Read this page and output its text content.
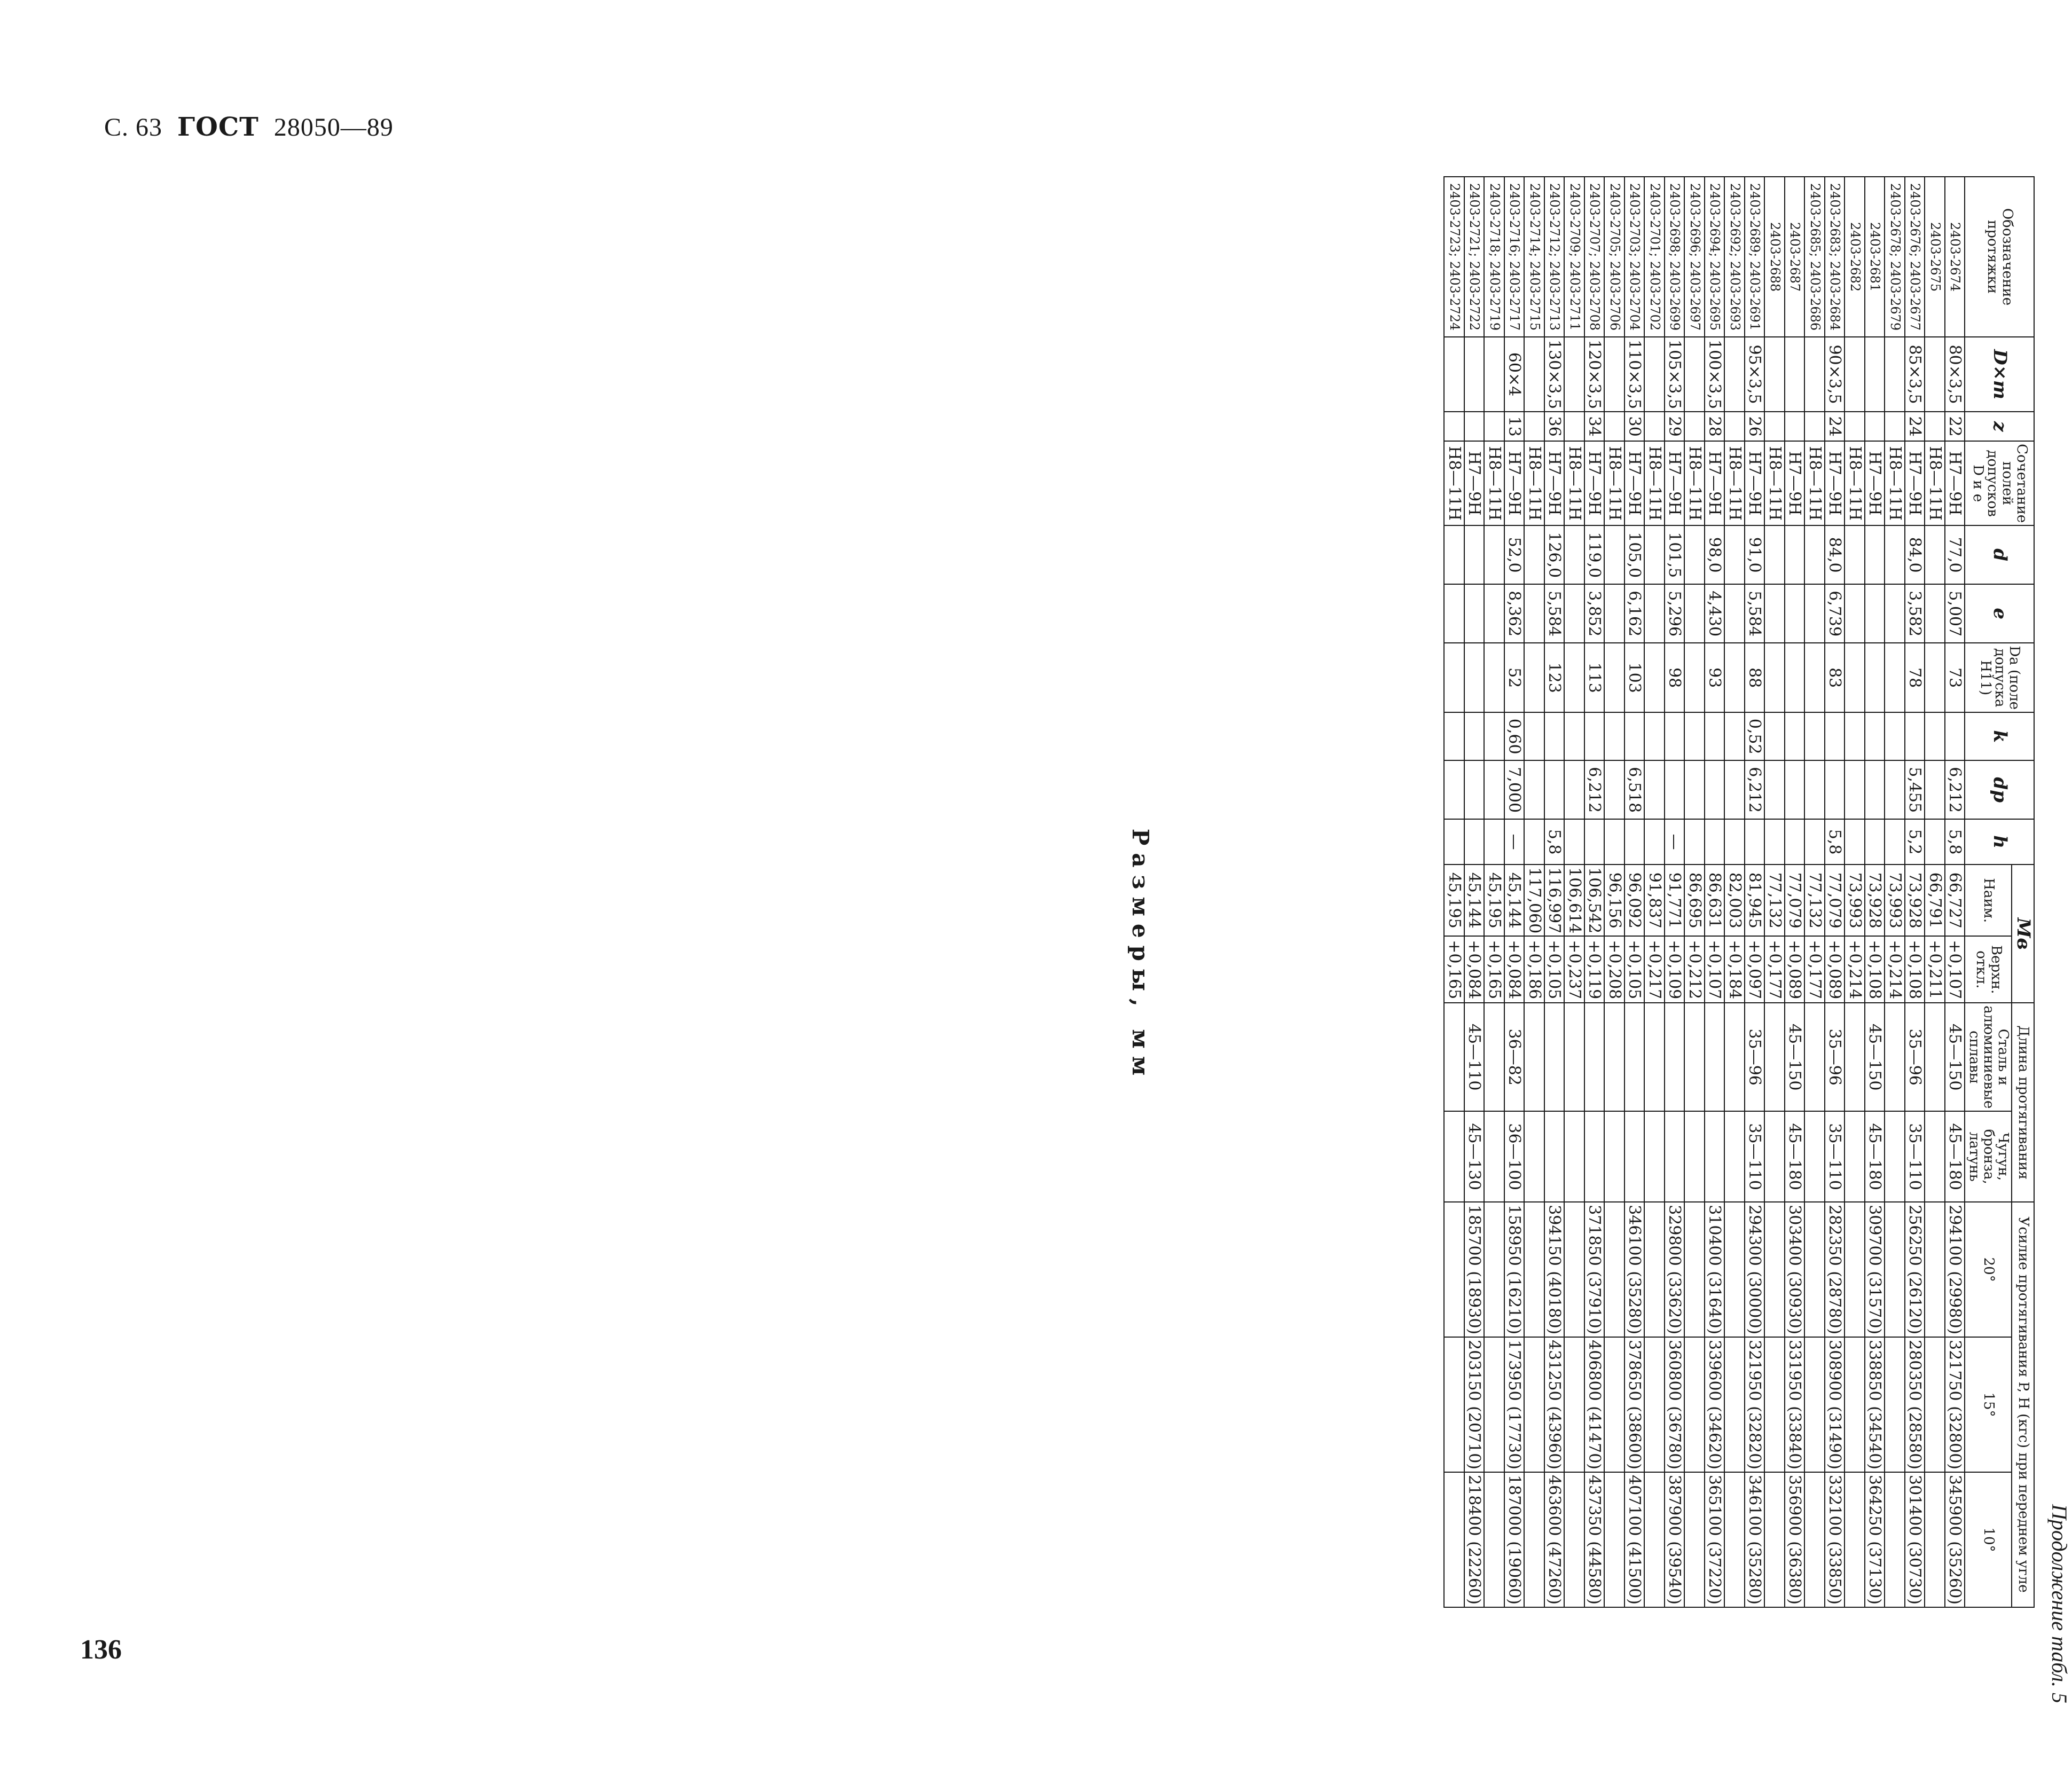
С. 63 ГОСТ 28050—89
Продолжение табл. 5
Обозначение протяжки	D×m	z	Сочетание полей допусков D и e	d	e	Da (поле допуска H11)	k	dp	h	Mв		Длина протягивания		Усилие протягивания P, Н (кгс) при переднем угле		
										Наим.	Верхн. откл.	Сталь и алюминиевые сплавы	Чугун, бронза, латунь	20°	15°	10°
2403-2674	80×3,5	22	H7—9H	77,0	5,007	73		6,212	5,8	66,727	+0,107	45—150	45—180	294100 (29980)	321750 (32800)	345900 (35260)
2403-2675			H8—11H							66,791	+0,211					
2403-2676; 2403-2677	85×3,5	24	H7—9H	84,0	3,582	78		5,455	5,2	73,928	+0,108	35—96	35—110	256250 (26120)	280350 (28580)	301400 (30730)
2403-2678; 2403-2679			H8—11H							73,993	+0,214					
2403-2681			H7—9H							73,928	+0,108	45—150	45—180	309700 (31570)	338850 (34540)	364250 (37130)
2403-2682			H8—11H							73,993	+0,214					
2403-2683; 2403-2684	90×3,5	24	H7—9H	84,0	6,739	83			5,8	77,079	+0,089	35—96	35—110	282350 (28780)	308900 (31490)	332100 (33850)
2403-2685; 2403-2686			H8—11H							77,132	+0,177					
2403-2687			H7—9H							77,079	+0,089	45—150	45—180	303400 (30930)	331950 (33840)	356900 (36380)
2403-2688			H8—11H							77,132	+0,177					
2403-2689; 2403-2691	95×3,5	26	H7—9H	91,0	5,584	88	0,52	6,212		81,945	+0,097	35—96	35—110	294300 (30000)	321950 (32820)	346100 (35280)
2403-2692; 2403-2693			H8—11H							82,003	+0,184					
2403-2694; 2403-2695	100×3,5	28	H7—9H	98,0	4,430	93				86,631	+0,107			310400 (31640)	339600 (34620)	365100 (37220)
2403-2696; 2403-2697			H8—11H							86,695	+0,212					
2403-2698; 2403-2699	105×3,5	29	H7—9H	101,5	5,296	98			—	91,771	+0,109			329800 (33620)	360800 (36780)	387900 (39540)
2403-2701; 2403-2702			H8—11H							91,837	+0,217					
2403-2703; 2403-2704	110×3,5	30	H7—9H	105,0	6,162	103		6,518		96,092	+0,105			346100 (35280)	378650 (38600)	407100 (41500)
2403-2705; 2403-2706			H8—11H							96,156	+0,208					
2403-2707; 2403-2708	120×3,5	34	H7—9H	119,0	3,852	113		6,212		106,542	+0,119			371850 (37910)	406800 (41470)	437350 (44580)
2403-2709; 2403-2711			H8—11H							106,614	+0,237					
2403-2712; 2403-2713	130×3,5	36	H7—9H	126,0	5,584	123			5,8	116,997	+0,105			394150 (40180)	431250 (43960)	463600 (47260)
2403-2714; 2403-2715			H8—11H							117,060	+0,186					
2403-2716; 2403-2717	60×4	13	H7—9H	52,0	8,362	52	0,60	7,000	—	45,144	+0,084	36—82	36—100	158950 (16210)	173950 (17730)	187000 (19060)
2403-2718; 2403-2719			H8—11H							45,195	+0,165					
2403-2721; 2403-2722			H7—9H							45,144	+0,084	45—110	45—130	185700 (18930)	203150 (20710)	218400 (22260)
2403-2723; 2403-2724			H8—11H							45,195	+0,165					
Размеры, мм
136
